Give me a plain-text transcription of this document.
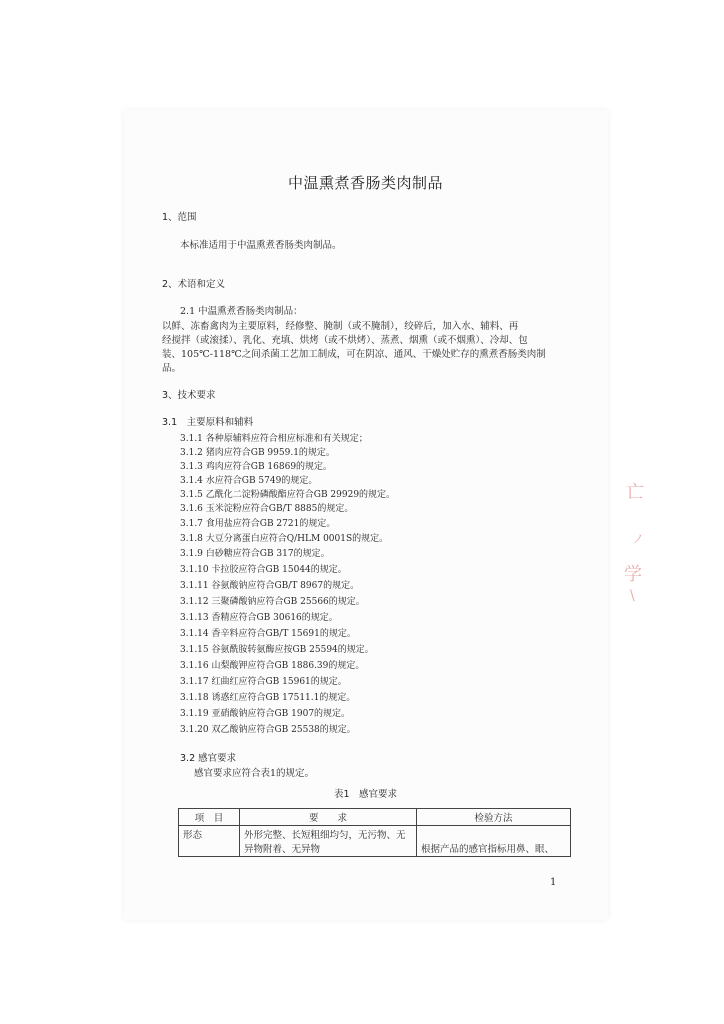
中温熏煮香肠类肉制品
1、范围
本标准适用于中温熏煮香肠类肉制品。
2、术语和定义
2.1 中温熏煮香肠类肉制品：
以鲜、冻畜禽肉为主要原料，经修整、腌制（或不腌制），绞碎后，加入水、辅料、再
经搅拌（或滚揉）、乳化、充填、烘烤（或不烘烤）、蒸煮、烟熏（或不烟熏）、冷却、包
装、105℃-118℃之间杀菌工艺加工制成，可在阴凉、通风、干燥处贮存的熏煮香肠类肉制
品。
3、技术要求
3.1　主要原料和辅料
3.1.1 各种原辅料应符合相应标准和有关规定；
3.1.2 猪肉应符合GB 9959.1的规定。
3.1.3 鸡肉应符合GB 16869的规定。
3.1.4 水应符合GB 5749的规定。
3.1.5 乙酰化二淀粉磷酸酯应符合GB 29929的规定。
3.1.6 玉米淀粉应符合GB/T 8885的规定。
3.1.7 食用盐应符合GB 2721的规定。
3.1.8 大豆分离蛋白应符合Q/HLM 0001S的规定。
3.1.9 白砂糖应符合GB 317的规定。
3.1.10 卡拉胶应符合GB 15044的规定。
3.1.11 谷氨酸钠应符合GB/T 8967的规定。
3.1.12 三聚磷酸钠应符合GB 25566的规定。
3.1.13 香精应符合GB 30616的规定。
3.1.14 香辛料应符合GB/T 15691的规定。
3.1.15 谷氨酰胺转氨酶应按GB 25594的规定。
3.1.16 山梨酸钾应符合GB 1886.39的规定。
3.1.17 红曲红应符合GB 15961的规定。
3.1.18 诱惑红应符合GB 17511.1的规定。
3.1.19 亚硝酸钠应符合GB 1907的规定。
3.1.20 双乙酸钠应符合GB 25538的规定。
3.2 感官要求
感官要求应符合表1的规定。
表1　感官要求
项　目	要　　求	检验方法
形态	外形完整、长短粗细均匀，无污物、无
异物附着、无异物	根据产品的感官指标用鼻、眼、
1
亡
ノ
学
\
